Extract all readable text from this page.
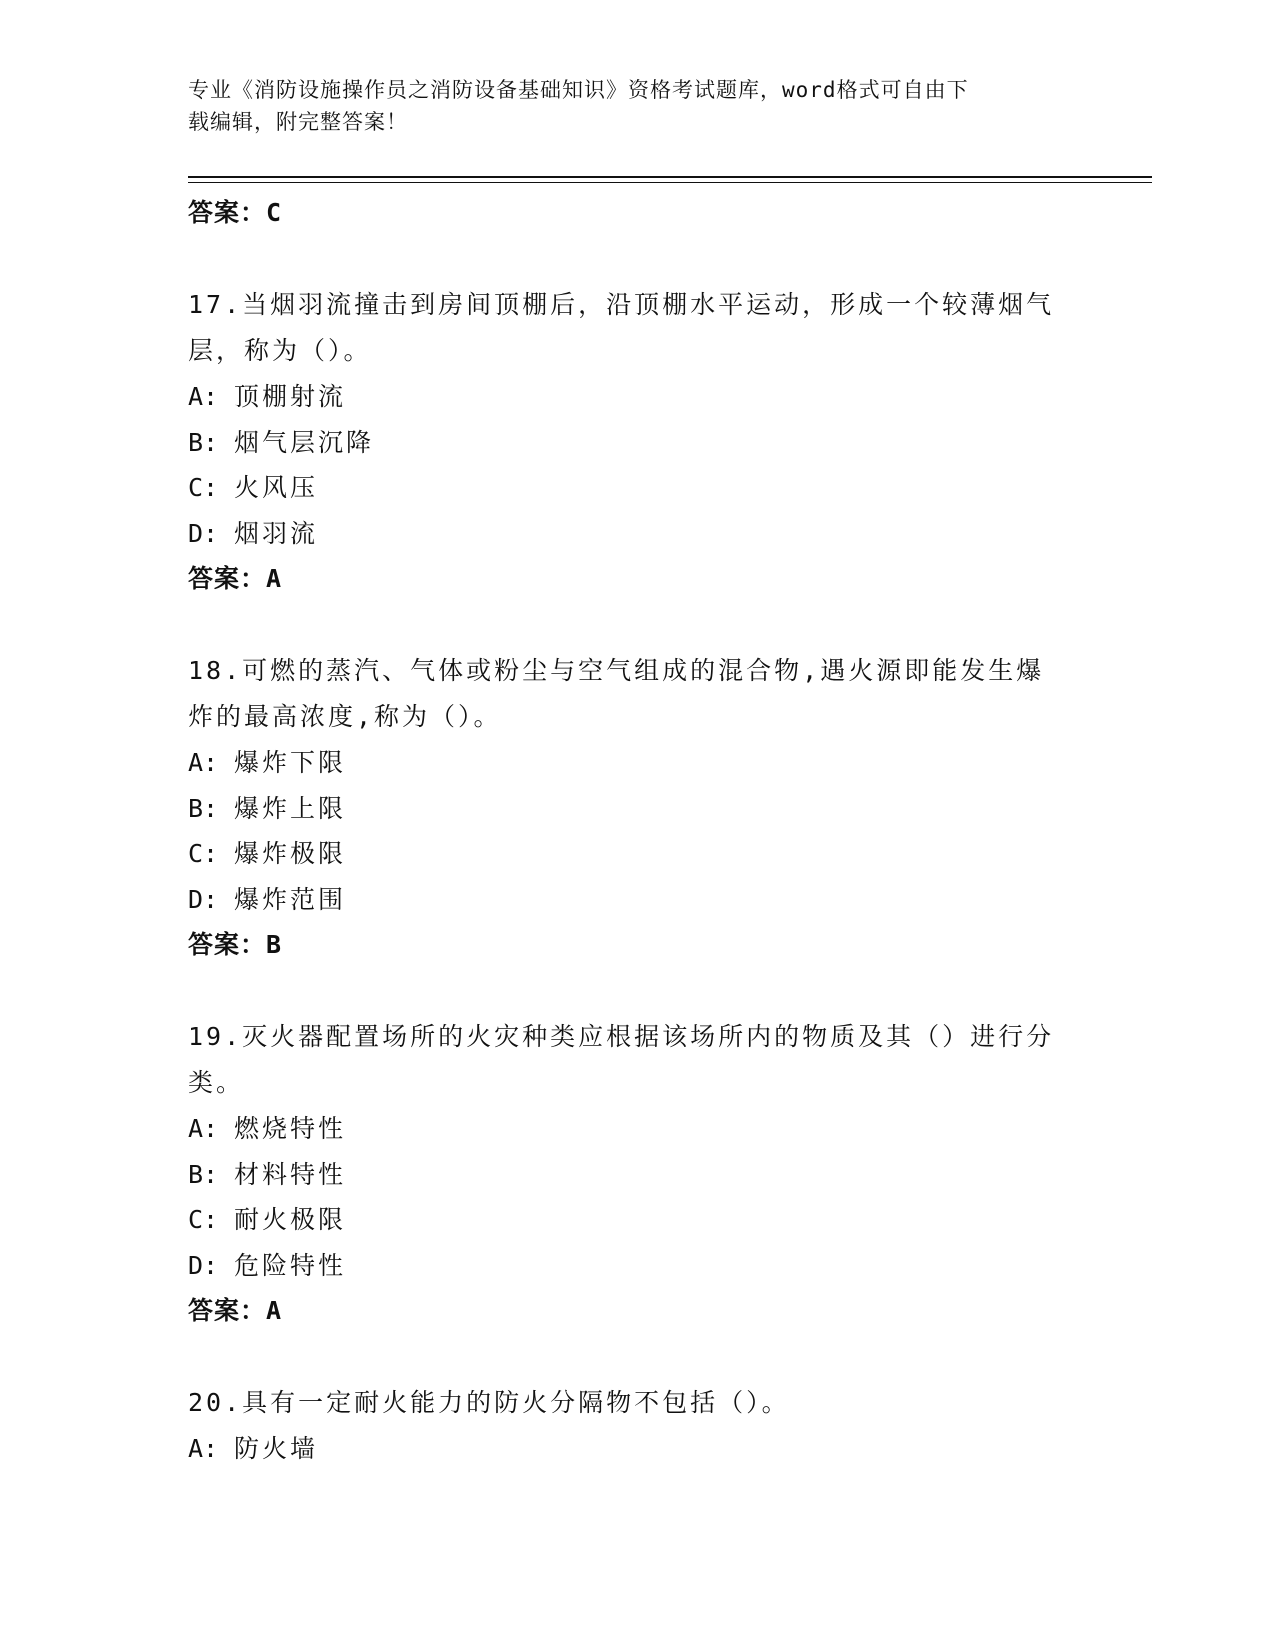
专业《消防设施操作员之消防设备基础知识》资格考试题库，word格式可自由下
载编辑，附完整答案！
答案：C
17.当烟羽流撞击到房间顶棚后，沿顶棚水平运动，形成一个较薄烟气
层，称为（）。
A: 顶棚射流
B: 烟气层沉降
C: 火风压
D: 烟羽流
答案：A
18.可燃的蒸汽、气体或粉尘与空气组成的混合物,遇火源即能发生爆
炸的最高浓度,称为（）。
A: 爆炸下限
B: 爆炸上限
C: 爆炸极限
D: 爆炸范围
答案：B
19.灭火器配置场所的火灾种类应根据该场所内的物质及其（）进行分
类。
A: 燃烧特性
B: 材料特性
C: 耐火极限
D: 危险特性
答案：A
20.具有一定耐火能力的防火分隔物不包括（）。
A: 防火墙
